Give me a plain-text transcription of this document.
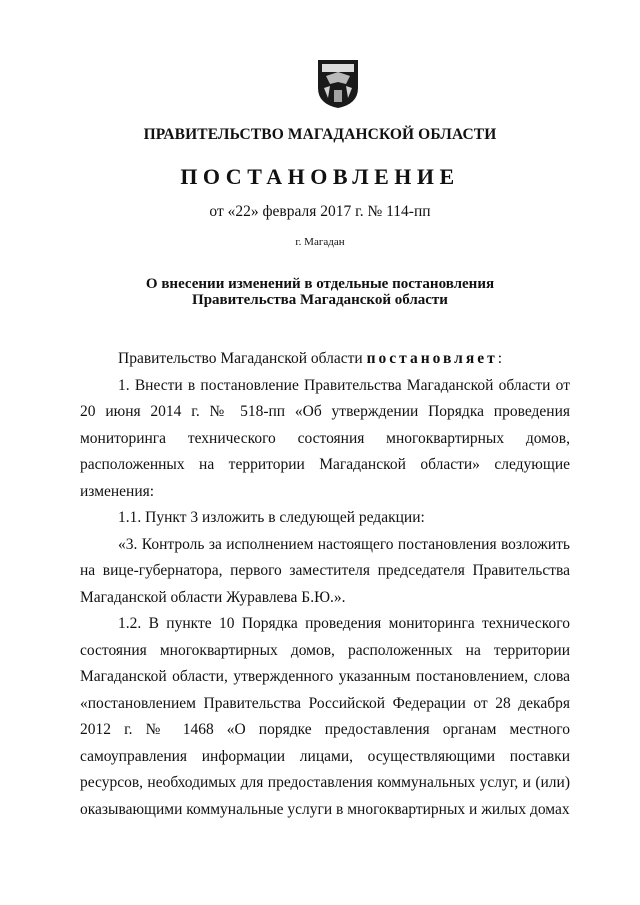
ПРАВИТЕЛЬСТВО МАГАДАНСКОЙ ОБЛАСТИ
ПОСТАНОВЛЕНИЕ
от «22» февраля 2017 г. № 114-пп
г. Магадан
О внесении изменений в отдельные постановления
Правительства Магаданской области

Правительство Магаданской области постановляет:

1. Внести в постановление Правительства Магаданской области от 20 июня 2014 г. № 518-пп «Об утверждении Порядка проведения мониторинга технического состояния многоквартирных домов, расположенных на территории Магаданской области» следующие изменения:

1.1. Пункт 3 изложить в следующей редакции:

«3. Контроль за исполнением настоящего постановления возложить на вице-губернатора, первого заместителя председателя Правительства Магаданской области Журавлева Б.Ю.».

1.2. В пункте 10 Порядка проведения мониторинга технического состояния многоквартирных домов, расположенных на территории Магаданской области, утвержденного указанным постановлением, слова «постановлением Правительства Российской Федерации от 28 декабря 2012 г. № 1468 «О порядке предоставления органам местного самоуправления информации лицами, осуществляющими поставки ресурсов, необходимых для предоставления коммунальных услуг, и (или) оказывающими коммунальные услуги в многоквартирных и жилых домах
